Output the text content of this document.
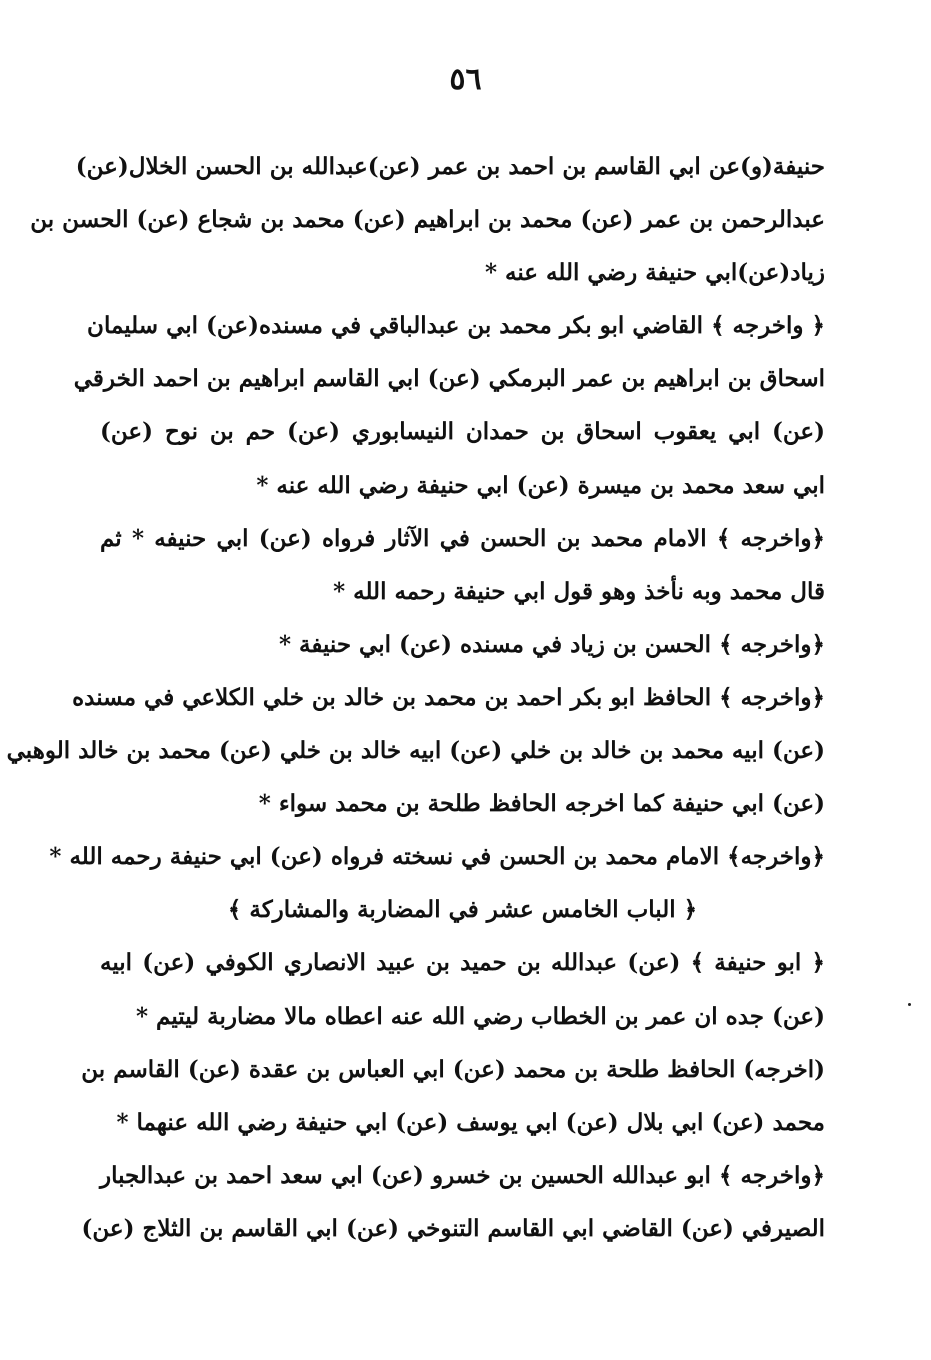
٥٦
حنيفة(و)عن ابي القاسم بن احمد بن عمر (عن)عبدالله بن الحسن الخلال(عن)
عبدالرحمن بن عمر (عن) محمد بن ابراهيم (عن) محمد بن شجاع (عن) الحسن بن
زياد(عن)ابي حنيفة رضي الله عنه *
﴿ واخرجه ﴾ القاضي ابو بكر محمد بن عبدالباقي في مسنده(عن) ابي سليمان
اسحاق بن ابراهيم بن عمر البرمكي (عن) ابي القاسم ابراهيم بن احمد الخرقي
(عن) ابي يعقوب اسحاق بن حمدان النيسابوري (عن) حم بن نوح (عن)
ابي سعد محمد بن ميسرة (عن) ابي حنيفة رضي الله عنه *
﴿واخرجه ﴾ الامام محمد بن الحسن في الآثار فرواه (عن) ابي حنيفه * ثم
قال محمد وبه نأخذ وهو قول ابي حنيفة رحمه الله *
﴿واخرجه ﴾ الحسن بن زياد في مسنده (عن) ابي حنيفة *
﴿واخرجه ﴾ الحافظ ابو بكر احمد بن محمد بن خالد بن خلي الكلاعي في مسنده
(عن) ابيه محمد بن خالد بن خلي (عن) ابيه خالد بن خلي (عن) محمد بن خالد الوهبي
(عن) ابي حنيفة كما اخرجه الحافظ طلحة بن محمد سواء *
﴿واخرجه﴾ الامام محمد بن الحسن في نسخته فرواه (عن) ابي حنيفة رحمه الله *
﴿ الباب الخامس عشر في المضاربة والمشاركة ﴾
﴿ ابو حنيفة ﴾ (عن) عبدالله بن حميد بن عبيد الانصاري الكوفي (عن) ابيه
(عن) جده ان عمر بن الخطاب رضي الله عنه اعطاه مالا مضاربة ليتيم *
(اخرجه) الحافظ طلحة بن محمد (عن) ابي العباس بن عقدة (عن) القاسم بن
محمد (عن) ابي بلال (عن) ابي يوسف (عن) ابي حنيفة رضي الله عنهما *
﴿واخرجه ﴾ ابو عبدالله الحسين بن خسرو (عن) ابي سعد احمد بن عبدالجبار
الصيرفي (عن) القاضي ابي القاسم التنوخي (عن) ابي القاسم بن الثلاج (عن)
